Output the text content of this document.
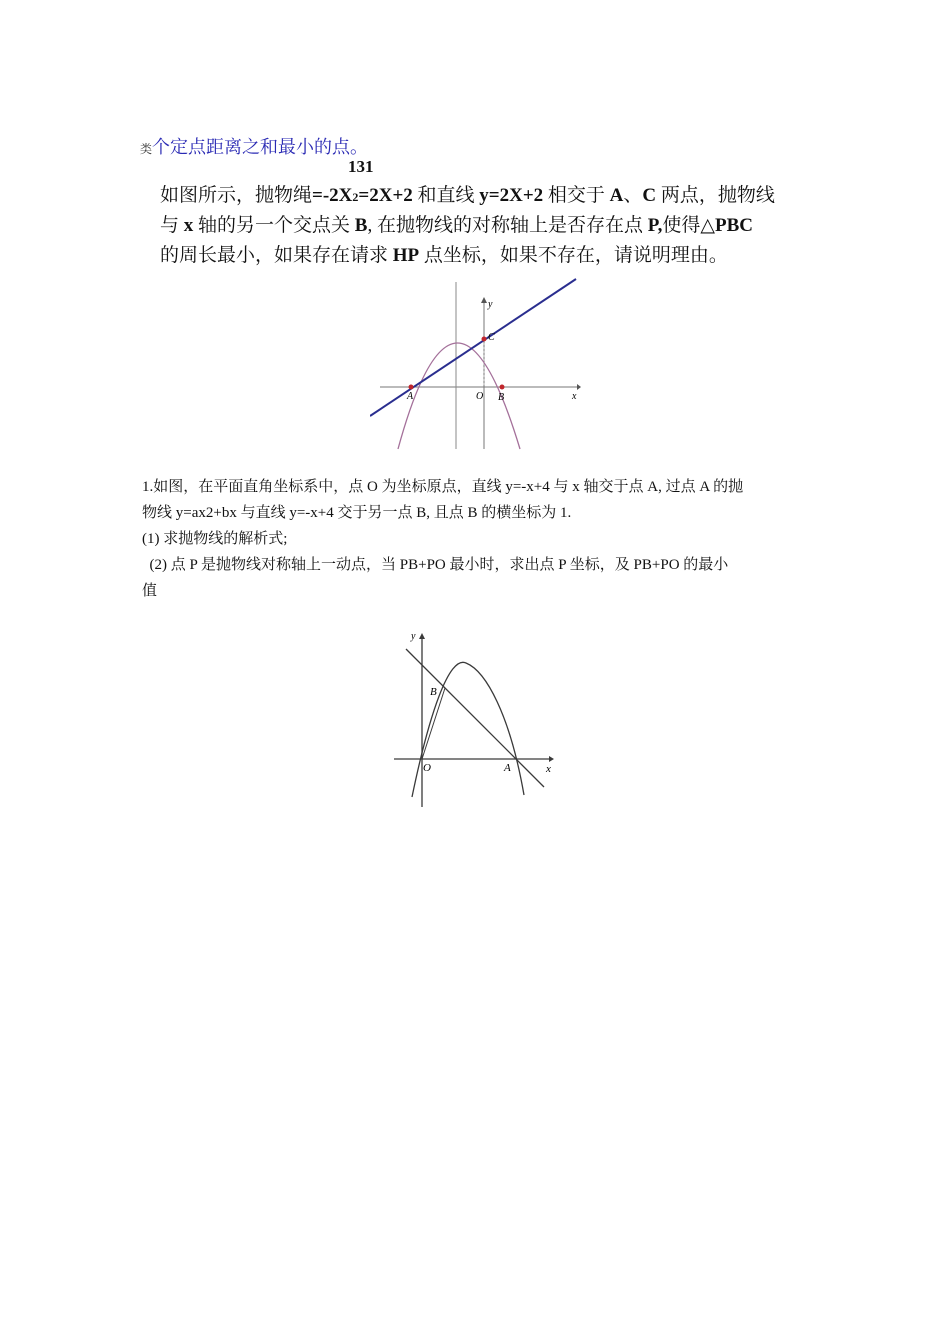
类个定点距离之和最小的点。
131
如图所示，抛物绳=-2X2=2X+2 和直线 y=2X+2 相交于 A、C 两点，抛物线
与 x 轴的另一个交点关 B, 在抛物线的对称轴上是否存在点 P,使得△PBC
的周长最小，如果存在请求 HP 点坐标，如果不存在，请说明理由。
y
C
A	O B	x
1.如图，在平面直角坐标系中，点 O 为坐标原点，直线 y=-x+4 与 x 轴交于点 A, 过点 A 的抛
物线 y=ax2+bx 与直线 y=-x+4 交于另一点 B, 且点 B 的横坐标为 1.
(1) 求抛物线的解析式;
(2) 点 P 是抛物线对称轴上一动点，当 PB+PO 最小时，求出点 P 坐标，及 PB+PO 的最小
值
y
B
O	A	x
